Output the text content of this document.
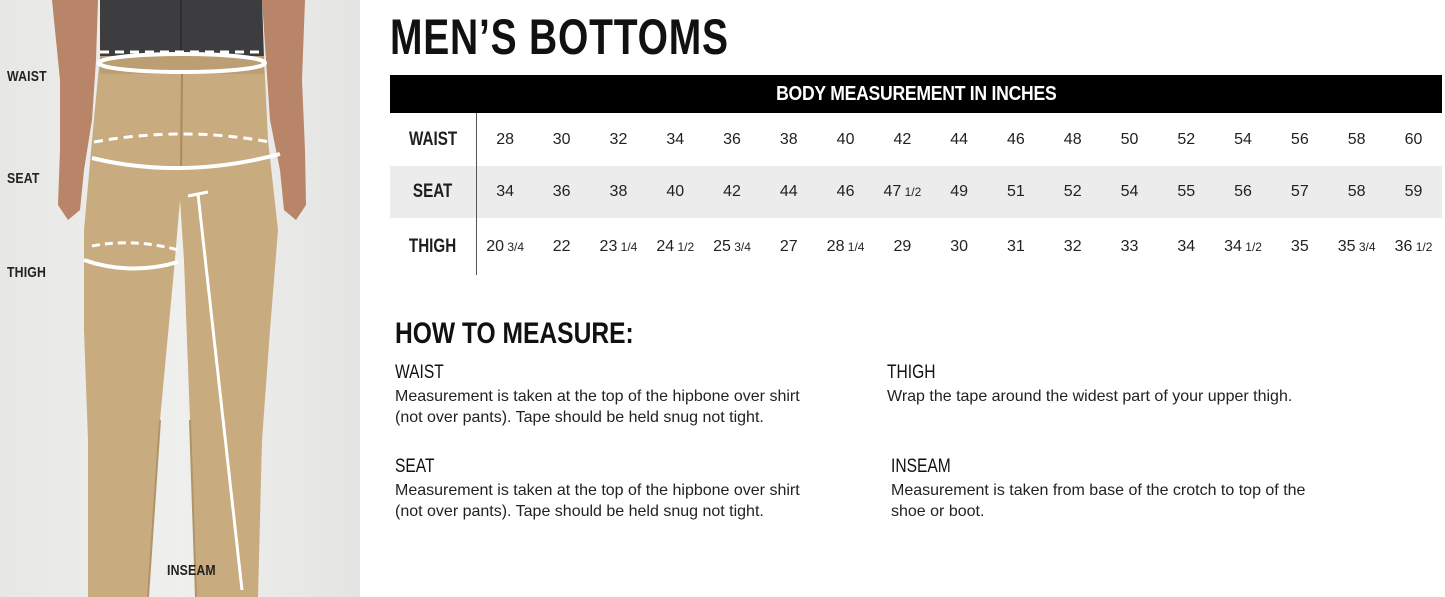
WAIST
SEAT
THIGH
INSEAM
MEN’S BOTTOMS
BODY MEASUREMENT IN INCHES
WAIST	28	30	32	34	36	38	40	42	44	46	48	50	52	54	56	58	60
SEAT	34	36	38	40	42	44	46	47 1/2	49	51	52	54	55	56	57	58	59
THIGH	20 3/4	22	23 1/4	24 1/2	25 3/4	27	28 1/4	29	30	31	32	33	34	34 1/2	35	35 3/4	36 1/2
HOW TO MEASURE:
WAIST

Measurement is taken at the top of the hipbone over shirt

(not over pants). Tape should be held snug not tight.

THIGH

Wrap the tape around the widest part of your upper thigh.

SEAT

Measurement is taken at the top of the hipbone over shirt

(not over pants). Tape should be held snug not tight.

INSEAM

Measurement is taken from base of the crotch to top of the

shoe or boot.
